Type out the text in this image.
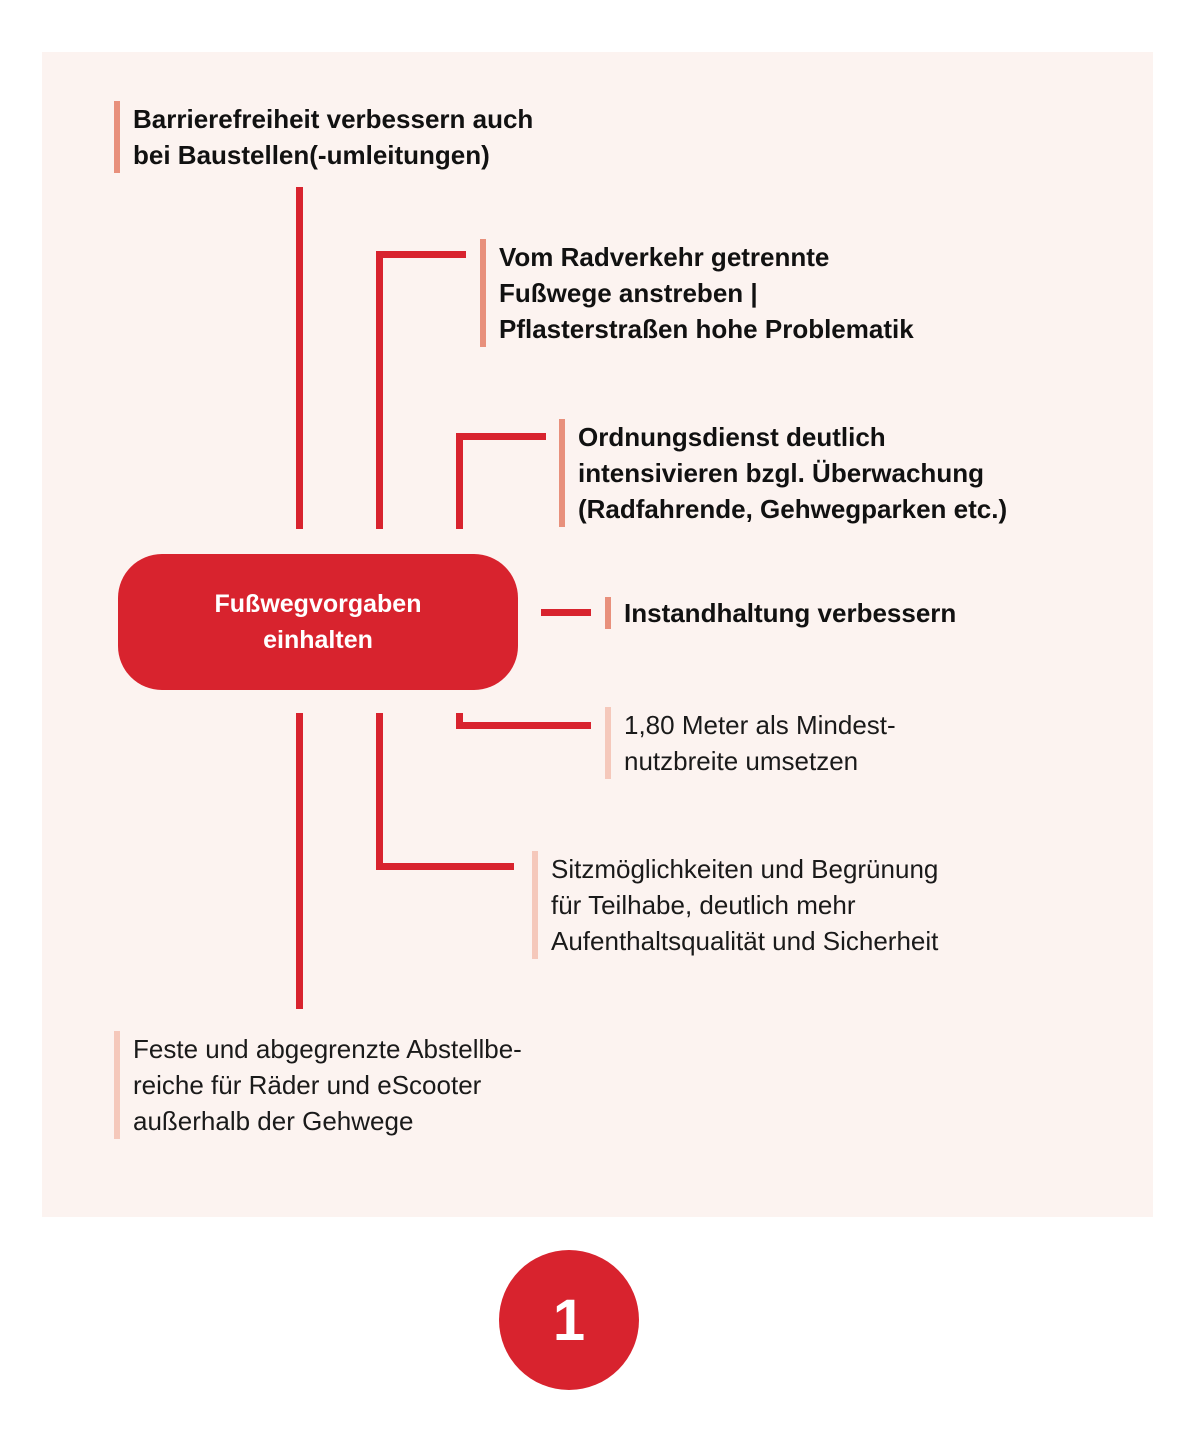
Fußwegvorgaben
einhalten
Barrierefreiheit verbessern auch
bei Baustellen(-umleitungen)
Vom Radverkehr getrennte
Fußwege anstreben |
Pflasterstraßen hohe Problematik
Ordnungsdienst deutlich
intensivieren bzgl. Überwachung
(Radfahrende, Gehwegparken etc.)
Instandhaltung verbessern
1,80 Meter als Mindest-
nutzbreite umsetzen
Sitzmöglichkeiten und Begrünung
für Teilhabe, deutlich mehr
Aufenthaltsqualität und Sicherheit
Feste und abgegrenzte Abstellbe-
reiche für Räder und eScooter
außerhalb der Gehwege
1
